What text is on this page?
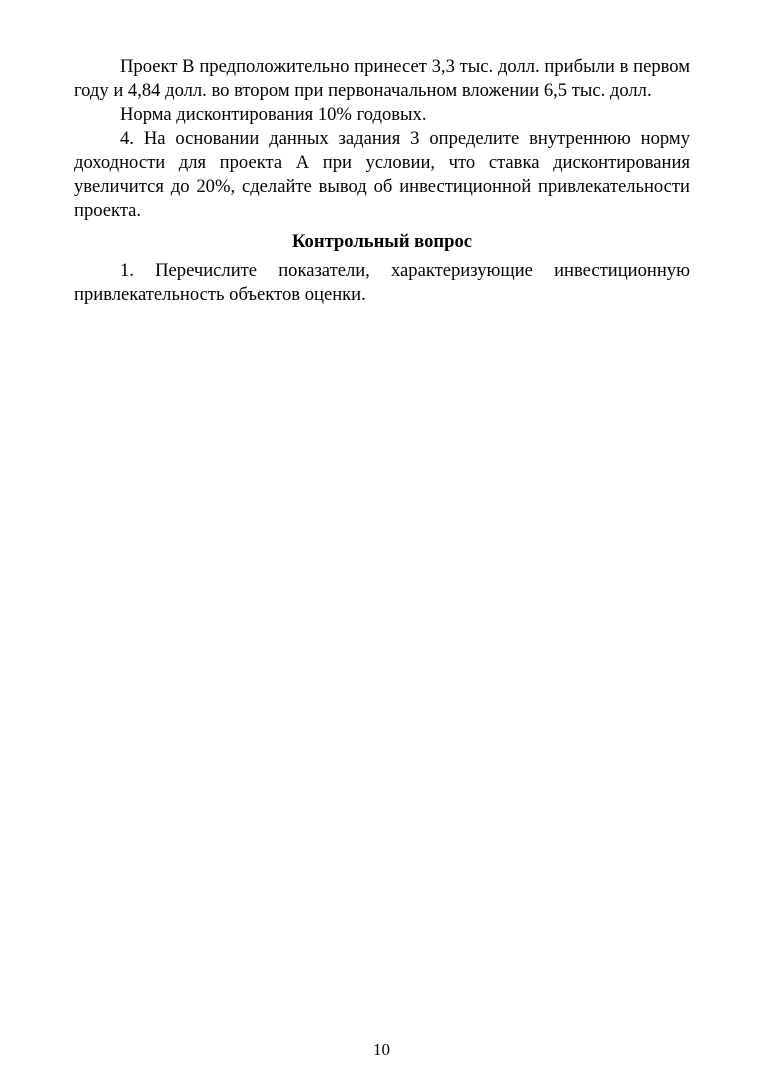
Проект В предположительно принесет 3,3 тыс. долл. прибыли в первом году и 4,84 долл. во втором при первоначальном вложении 6,5 тыс. долл.

Норма дисконтирования 10% годовых.

4. На основании данных задания 3 определите внутреннюю норму доходности для проекта А при условии, что ставка дисконтирования увеличится до 20%, сделайте вывод об инвестиционной привлекательности проекта.

Контрольный вопрос

1. Перечислите показатели, характеризующие инвестиционную привлекательность объектов оценки.

10
